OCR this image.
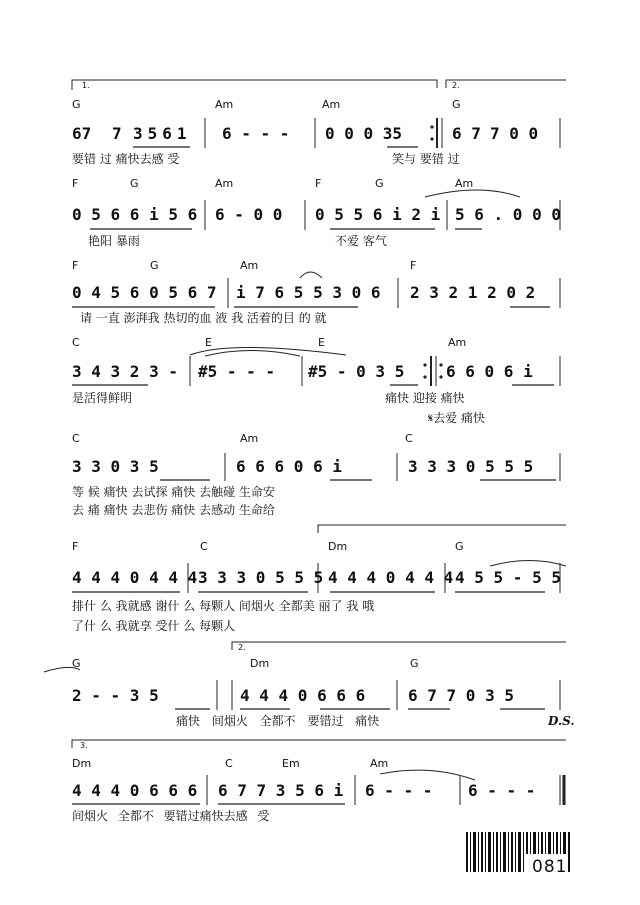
1.	2.
G	Am	Am	G
67 7 3561 6 - - - 0 0 0 35	6 7 7 0 0
要错 过 痛快去感 受	笑与 要错 过
F	G	Am	F	G	Am
0 5 6 6 i 5 6 6 - 0 0 0 5 5 6 i 2 i 5 6 . 0 0 0
艳阳 暴雨	不爱 客气
F	G	Am	F
0 4 5 6 0 5 6 7 i 7 6 5 5 3 0 6 2 3 2 1 2 0 2
请 一直 澎湃我 热切的血 液 我 活着的目 的 就
C	E	E	Am
3 4 3 2 3 - #5 - - - #5 - 0 3 5	6 6 0 6 i
是活得鲜明	痛快 迎接 痛快
𝄋去爱 痛快
C	Am	C
3 3 0 3 5	6 6 6 0 6 i	3 3 3 0 5 5 5
等 候 痛快 去试探 痛快 去触碰 生命安
去 痛 痛快 去悲伤 痛快 去感动 生命给
F	C	Dm	G
4 4 4 0 4 4 4 3 3 3 0 5 5 5 4 4 4 0 4 4 4 4 5 5 - 5 5
排什 么 我就感 谢什 么 每颗人 间烟火 全都美 丽了 我 哦
了什 么 我就享 受什 么 每颗人
2.
G	Dm	G
2 - - 3 5	4 4 4 0 6 6 6	6 7 7 0 3 5
痛快 间烟火 全都不 要错过 痛快	D.S.
3.
Dm	C	Em	Am
4 4 4 0 6 6 6 6 7 7 3 5 6 i 6 - - - 6 - - -
间烟火 全都不 要错过痛快去感 受
081
